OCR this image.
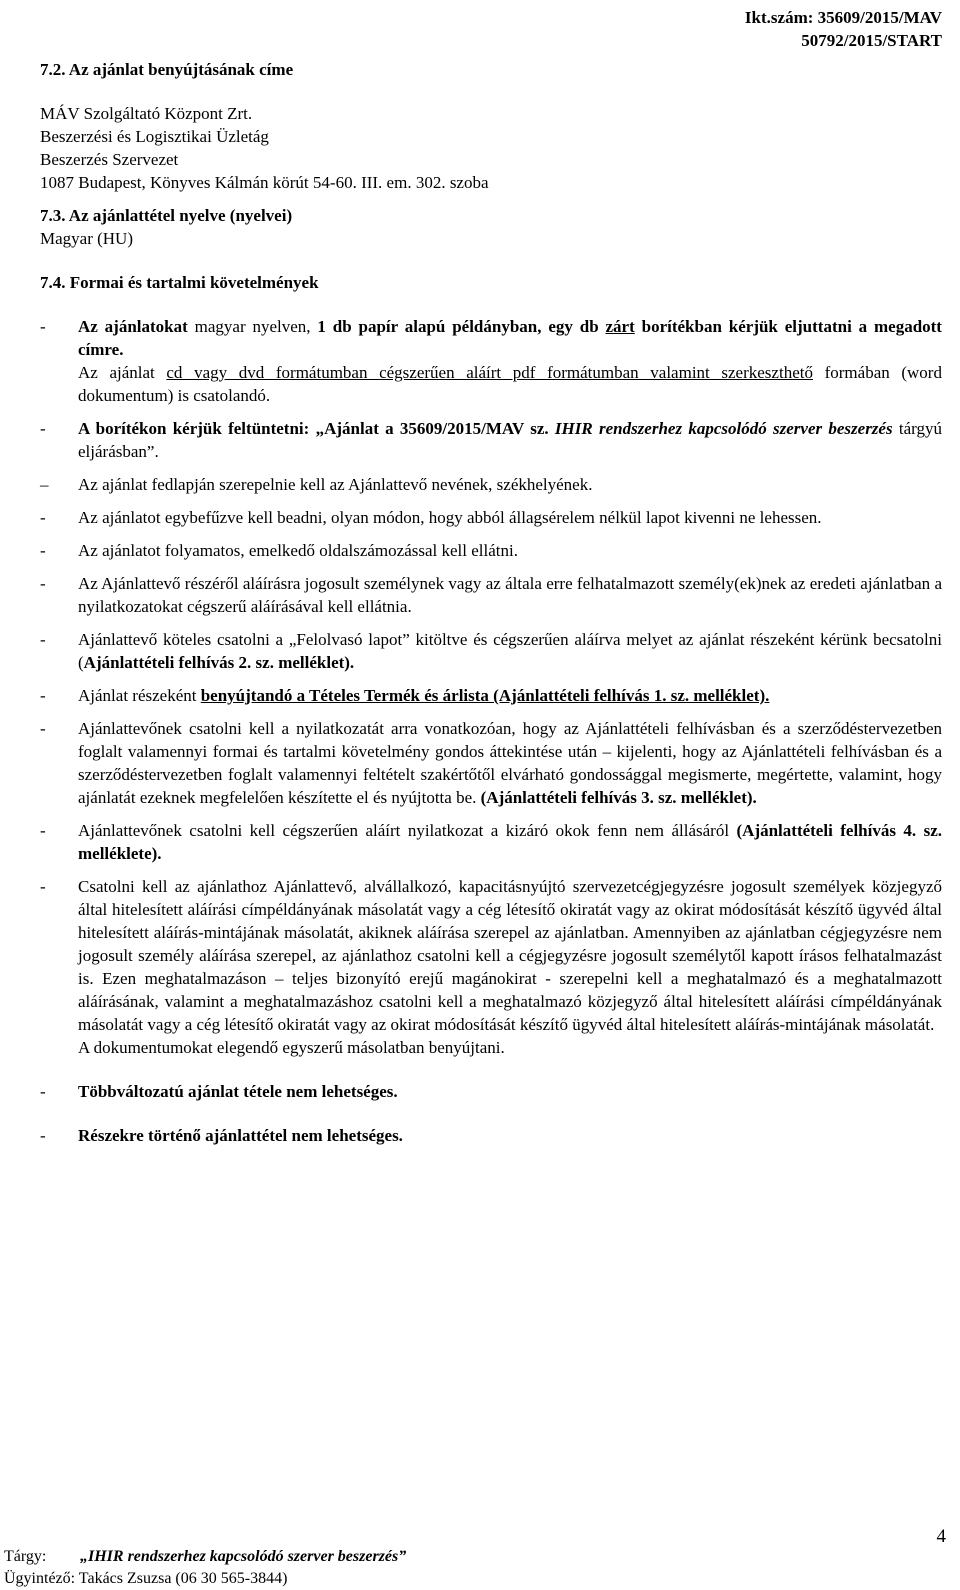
Ikt.szám: 35609/2015/MAV
50792/2015/START

7.2. Az ajánlat benyújtásának címe

MÁV Szolgáltató Központ Zrt.

Beszerzési és Logisztikai Üzletág

Beszerzés Szervezet

1087 Budapest, Könyves Kálmán körút 54-60. III. em. 302. szoba

7.3. Az ajánlattétel nyelve (nyelvei)

Magyar (HU)

7.4. Formai és tartalmi követelmények

-	Az ajánlatokat magyar nyelven, 1 db papír alapú példányban, egy db zárt borítékban kérjük eljuttatni a megadott címre.
Az ajánlat cd vagy dvd formátumban cégszerűen aláírt pdf formátumban valamint szerkeszthető formában (word dokumentum) is csatolandó.
-	A borítékon kérjük feltüntetni: „Ajánlat a 35609/2015/MAV sz. IHIR rendszerhez kapcsolódó szerver beszerzés tárgyú eljárásban”.
–	Az ajánlat fedlapján szerepelnie kell az Ajánlattevő nevének, székhelyének.
-	Az ajánlatot egybefűzve kell beadni, olyan módon, hogy abból állagsérelem nélkül lapot kivenni ne lehessen.
-	Az ajánlatot folyamatos, emelkedő oldalszámozással kell ellátni.
-	Az Ajánlattevő részéről aláírásra jogosult személynek vagy az általa erre felhatalmazott személy(ek)nek az eredeti ajánlatban a nyilatkozatokat cégszerű aláírásával kell ellátnia.
-	Ajánlattevő köteles csatolni a „Felolvasó lapot” kitöltve és cégszerűen aláírva melyet az ajánlat részeként kérünk becsatolni (Ajánlattételi felhívás 2. sz. melléklet).
-	Ajánlat részeként benyújtandó a Tételes Termék és árlista (Ajánlattételi felhívás 1. sz. melléklet).
-	Ajánlattevőnek csatolni kell a nyilatkozatát arra vonatkozóan, hogy az Ajánlattételi felhívásban és a szerződéstervezetben foglalt valamennyi formai és tartalmi követelmény gondos áttekintése után – kijelenti, hogy az Ajánlattételi felhívásban és a szerződéstervezetben foglalt valamennyi feltételt szakértőtől elvárható gondossággal megismerte, megértette, valamint, hogy ajánlatát ezeknek megfelelően készítette el és nyújtotta be. (Ajánlattételi felhívás 3. sz. melléklet).
-	Ajánlattevőnek csatolni kell cégszerűen aláírt nyilatkozat a kizáró okok fenn nem állásáról (Ajánlattételi felhívás 4. sz. melléklete).
-	Csatolni kell az ajánlathoz Ajánlattevő, alvállalkozó, kapacitásnyújtó szervezetcégjegyzésre jogosult személyek közjegyző által hitelesített aláírási címpéldányának másolatát vagy a cég létesítő okiratát vagy az okirat módosítását készítő ügyvéd által hitelesített aláírás-mintájának másolatát, akiknek aláírása szerepel az ajánlatban. Amennyiben az ajánlatban cégjegyzésre nem jogosult személy aláírása szerepel, az ajánlathoz csatolni kell a cégjegyzésre jogosult személytől kapott írásos felhatalmazást is. Ezen meghatalmazáson – teljes bizonyító erejű magánokirat - szerepelni kell a meghatalmazó és a meghatalmazott aláírásának, valamint a meghatalmazáshoz csatolni kell a meghatalmazó közjegyző által hitelesített aláírási címpéldányának másolatát vagy a cég létesítő okiratát vagy az okirat módosítását készítő ügyvéd által hitelesített aláírás-mintájának másolatát.
A dokumentumokat elegendő egyszerű másolatban benyújtani.
-	Többváltozatú ajánlat tétele nem lehetséges.
-	Részekre történő ajánlattétel nem lehetséges.
4
Tárgy:	„IHIR rendszerhez kapcsolódó szerver beszerzés”
Ügyintéző: Takács Zsuzsa (06 30 565-3844)
